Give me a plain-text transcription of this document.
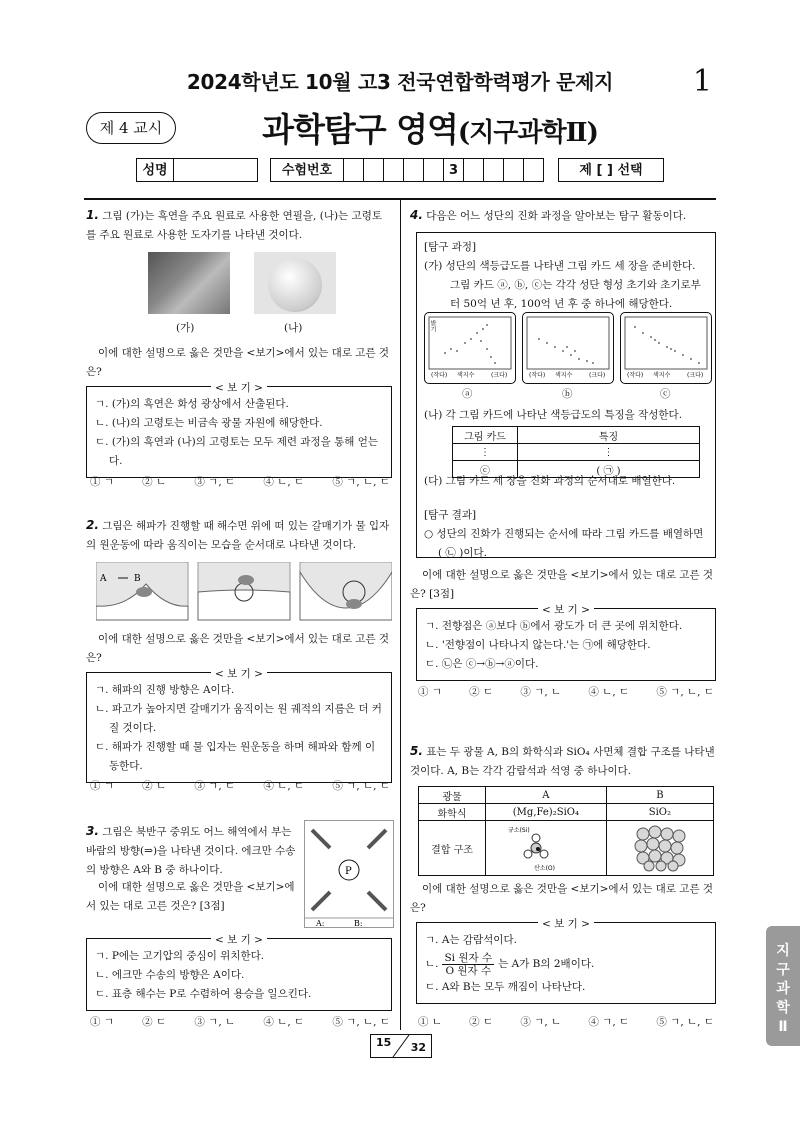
2024학년도 10월 고3 전국연합학력평가 문제지	1
제 4 교시	과학탐구 영역(지구과학Ⅱ)
성명	수험번호	3	제 [ ] 선택
1. 그림 (가)는 흑연을 주요 원료로 사용한 연필을, (나)는 고령토를 주요 원료로 사용한 도자기를 나타낸 것이다.
(가)	(나)
이에 대한 설명으로 옳은 것만을 <보기>에서 있는 대로 고른 것은?
< 보 기 >
ㄱ. (가)의 흑연은 화성 광상에서 산출된다.
ㄴ. (나)의 고령토는 비금속 광물 자원에 해당한다.
ㄷ. (가)의 흑연과 (나)의 고령토는 모두 제련 과정을 통해 얻는다.
① ㄱ	② ㄴ	③ ㄱ, ㄷ	④ ㄴ, ㄷ	⑤ ㄱ, ㄴ, ㄷ
2. 그림은 해파가 진행할 때 해수면 위에 떠 있는 갈매기가 물 입자의 원운동에 따라 움직이는 모습을 순서대로 나타낸 것이다.
A	B
이에 대한 설명으로 옳은 것만을 <보기>에서 있는 대로 고른 것은?
< 보 기 >
ㄱ. 해파의 진행 방향은 A이다.
ㄴ. 파고가 높아지면 갈매기가 움직이는 원 궤적의 지름은 더 커질 것이다.
ㄷ. 해파가 진행할 때 물 입자는 원운동을 하며 해파와 함께 이동한다.
① ㄱ	② ㄴ	③ ㄱ, ㄷ	④ ㄴ, ㄷ	⑤ ㄱ, ㄴ, ㄷ
3. 그림은 북반구 중위도 어느 해역에서 부는 바람의 방향(⇒)을 나타낸 것이다. 에크만 수송의 방향은 A와 B 중 하나이다.
이에 대한 설명으로 옳은 것만을 <보기>에서 있는 대로 고른 것은? [3점]
P
A:	B:
< 보 기 >
ㄱ. P에는 고기압의 중심이 위치한다.
ㄴ. 에크만 수송의 방향은 A이다.
ㄷ. 표층 해수는 P로 수렴하여 용승을 일으킨다.
① ㄱ	② ㄷ	③ ㄱ, ㄴ	④ ㄴ, ㄷ	⑤ ㄱ, ㄴ, ㄷ
4. 다음은 어느 성단의 진화 과정을 알아보는 탐구 활동이다.
[탐구 과정]
(가) 성단의 색등급도를 나타낸 그림 카드 세 장을 준비한다. 그림 카드 ⓐ, ⓑ, ⓒ는 각각 성단 형성 초기와 초기로부터 50억 년 후, 100억 년 후 중 하나에 해당한다.
(작다) 색지수	(크다)	(작다) 색지수	(크다)	(작다) 색지수	(크다)
밝기
ⓐ	ⓑ	ⓒ
(나) 각 그림 카드에 나타난 색등급도의 특징을 작성한다.
그림 카드	특징
⋮	⋮
ⓒ	( ㉠ )
(다) 그림 카드 세 장을 진화 과정의 순서대로 배열한다.
[탐구 결과]
○ 성단의 진화가 진행되는 순서에 따라 그림 카드를 배열하면 ( ㉡ )이다.
이에 대한 설명으로 옳은 것만을 <보기>에서 있는 대로 고른 것은? [3점]
< 보 기 >
ㄱ. 전향점은 ⓐ보다 ⓑ에서 광도가 더 큰 곳에 위치한다.
ㄴ. '전향점이 나타나지 않는다.'는 ㉠에 해당한다.
ㄷ. ㉡은 ⓒ→ⓑ→ⓐ이다.
① ㄱ	② ㄷ	③ ㄱ, ㄴ	④ ㄴ, ㄷ	⑤ ㄱ, ㄴ, ㄷ
5. 표는 두 광물 A, B의 화학식과 SiO₄ 사면체 결합 구조를 나타낸 것이다. A, B는 각각 감람석과 석영 중 하나이다.
광물	A	B
화학식	(Mg,Fe)₂SiO₄	SiO₂
결합 구조	규소(Si)
산소(O)

이에 대한 설명으로 옳은 것만을 <보기>에서 있는 대로 고른 것은?
< 보 기 >
ㄱ. A는 감람석이다.
ㄴ. Si 원자 수
O 원자 수
는 A가 B의 2배이다.
ㄷ. A와 B는 모두 깨짐이 나타난다.
① ㄴ	② ㄷ	③ ㄱ, ㄴ	④ ㄱ, ㄷ	⑤ ㄱ, ㄴ, ㄷ
지
구
과
학
Ⅱ
15 32
